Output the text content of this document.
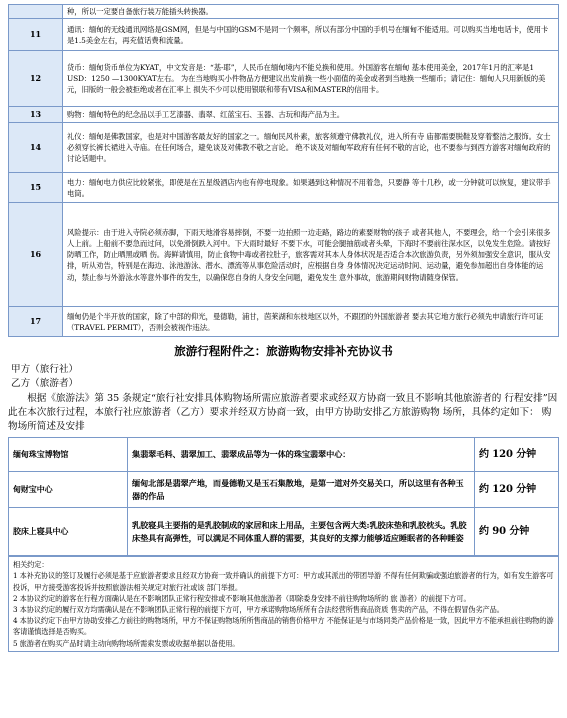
	种，所以一定要自备旅行装万能插头转换器。
11	通讯：缅甸的无线通讯网络是GSM网，但是与中国的GSM不是同一个频率，所以有部分中国的手机号在缅甸不能适用。可以购买当地电话卡，使用卡是1.5美金左右，再充值话费和流量。
12	货币：缅甸货币单位为KYAT，中文发音是：“基-耶”，人民币在缅甸境内不能兑换和使用。外国游客在缅甸 基本使用美金，2017年1月的汇率是1 USD：1250 —1300KYAT左右。 为在当地购买小件物品方便建议出发前换一些小面值的美金或者到当地换一些缅币；请记住：缅甸人只用新版的美元，旧版的一般会被拒绝或者在汇率上 损失不少可以使用银联和带有VISA和MASTER的信用卡。
13	购物：缅甸特色的纪念品以手工艺漆器、翡翠、红蓝宝石、玉器、古玩和海产品为主。
14	礼仪：缅甸是佛教国家，也是对中国游客最友好的国家之一。缅甸民风朴素，旅客须遵守佛教礼仪，进入所有寺 庙都需要脱鞋及穿着整洁之服饰。女士必须穿长裤长裙进入寺庙。在任何场合，避免谈及对佛教不敬之言论。 绝不谈及对缅甸军政府有任何不敬的言论，也不要参与到西方游客对缅甸政府的讨论话题中。
15	电力：缅甸电力供应比较紧张，即使是在五星级酒店内也有停电现象。如果遇到这种情况不用着急，只要静 等十几秒，或一分钟就可以恢复，建议带手电筒。
16	风险提示：由于进入寺院必须赤脚，下雨天地滑容易摔倒，不要一边拍照一边走路，路边的素要财物的孩子 或者其他人，不要理会，给一个会引来很多人上前。上船前不要急而过问，以免滑倒跌入河中。下大雨时最好 不要下水，可能会腿抽筋或者头晕，下海时不要前往深水区，以免发生危险。请按好防晒工作，防止晒黑或晒 伤。海鲜请慎用，防止食物中毒或者拉肚子，旅客需对其本人身体状况是否适合本次旅游负责，另外须加强安全意识，服从安排，听从劝告，特别是在海边、泳池游泳、潜水、漂流等从事危险活动时，应根据自身 身体情况决定运动时间、运动量，避免参加超出自身体能的运动，禁止参与外游泳水等意外事件的发生，以确保您自身的人身安全问题，避免发生 意外事故，旅游期间财物请随身保管。
17	缅甸仍是个半开放的国家，除了中部的仰光，曼德勒，浦甘，茵莱湖和东枝地区以外，不跟团的外国旅游者 要去其它地方旅行必须先申请旅行许可证（TRAVEL PERMIT），否则会被视作违法。
旅游行程附件之：旅游购物安排补充协议书
甲方（旅行社）
乙方（旅游者）
根据《旅游法》第 35 条规定“旅行社安排具体购物场所需应旅游者要求或经双方协商一致且不影响其他旅游者的 行程安排”因此在本次旅行过程，本旅行社应旅游者（乙方）要求并经双方协商一致，由甲方协助安排乙方旅游购物 场所，具体约定如下： 购物场所简述及安排
缅甸珠宝博物馆	集翡翠毛料、翡翠加工、翡翠成品等为一体的珠宝翡翠中心：	约 120 分钟
甸财宝中心	缅甸北部是翡翠产地，而曼德勒又是玉石集散地，是第一道对外交易关口，所以这里有各种玉器的作品	约 120 分钟
胶床上寝具中心	乳胶寝具主要指的是乳胶制成的家居和床上用品，主要包含两大类:乳胶床垫和乳胶枕头。乳胶床垫具有高弹性，可以满足不同体重人群的需要，其良好的支撑力能够适应睡眠者的各种睡姿	约 90 分钟
相关约定：
1 本补充协议的签订及履行必须是基于应旅游者要求且经双方协商一致并确认的前提下方可：甲方或其派出的带团导游 不得有任何欺骗或强迫旅游者的行为，如有发生游客可投诉，甲方接受游客投诉并按照旅游法相关规定对旅行社或该 部门举报。
2 本协议约定的游客在行程方面确认是在不影响团队正常行程安排或不影响其他旅游者（即除委身安排不前往购物场所的 旅 游者）的前提下方可。
3 本协议约定的履行双方均需确认是在不影响团队正常行程的前提下方可，甲方承诺购物场所所有合法经营所售商品资质 售卖的产品，不得在假冒伪劣产品。
4 本协议约定下由甲方协助安排乙方前往的购物场所，甲方不保证购物场所所售商品的销售价格甲方 不能保证是与市场同类产品价格是一致，因此甲方不能承担前往购物的游客请谨慎选择是否购买。
5 旅游者在购买产品时请主动向购物场所需索发票或收据单据以备使用。
